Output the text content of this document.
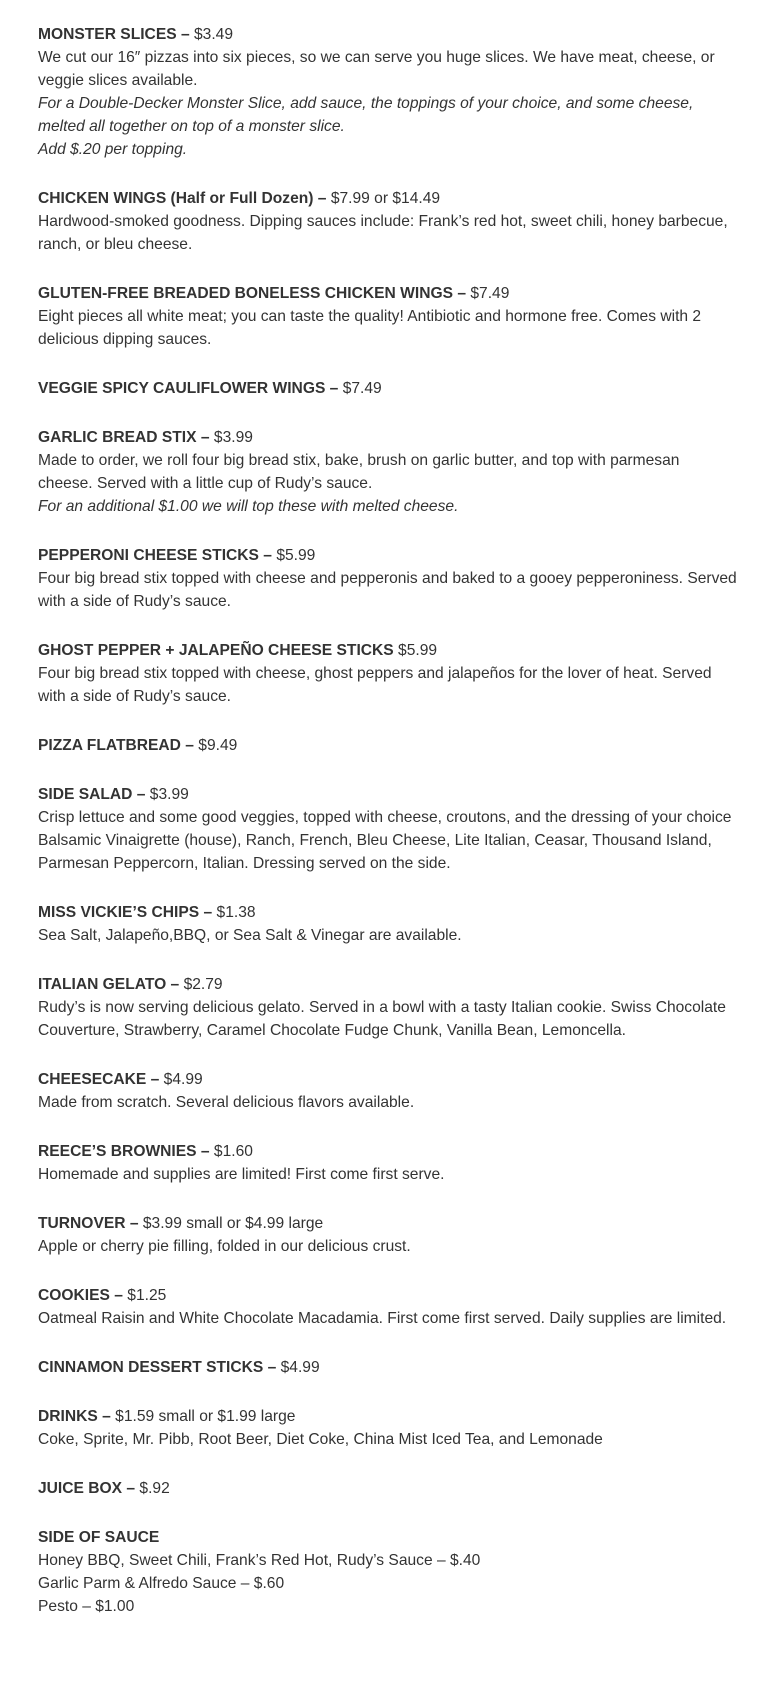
MONSTER SLICES – $3.49

We cut our 16″ pizzas into six pieces, so we can serve you huge slices. We have meat, cheese, or veggie slices available.

For a Double-Decker Monster Slice, add sauce, the toppings of your choice, and some cheese, melted all together on top of a monster slice.

Add $.20 per topping.

CHICKEN WINGS (Half or Full Dozen) – $7.99 or $14.49

Hardwood-smoked goodness. Dipping sauces include: Frank’s red hot, sweet chili, honey barbecue, ranch, or bleu cheese.

GLUTEN-FREE BREADED BONELESS CHICKEN WINGS – $7.49

Eight pieces all white meat; you can taste the quality! Antibiotic and hormone free. Comes with 2 delicious dipping sauces.

VEGGIE SPICY CAULIFLOWER WINGS – $7.49

GARLIC BREAD STIX – $3.99

Made to order, we roll four big bread stix, bake, brush on garlic butter, and top with parmesan cheese. Served with a little cup of Rudy’s sauce.

For an additional $1.00 we will top these with melted cheese.

PEPPERONI CHEESE STICKS – $5.99

Four big bread stix topped with cheese and pepperonis and baked to a gooey pepperoniness. Served with a side of Rudy’s sauce.

GHOST PEPPER + JALAPEÑO CHEESE STICKS $5.99

Four big bread stix topped with cheese, ghost peppers and jalapeños for the lover of heat. Served with a side of Rudy’s sauce.

PIZZA FLATBREAD – $9.49

SIDE SALAD – $3.99

Crisp lettuce and some good veggies, topped with cheese, croutons, and the dressing of your choice Balsamic Vinaigrette (house), Ranch, French, Bleu Cheese, Lite Italian, Ceasar, Thousand Island, Parmesan Peppercorn, Italian. Dressing served on the side.

MISS VICKIE’S CHIPS – $1.38

Sea Salt, Jalapeño,BBQ, or Sea Salt & Vinegar are available.

ITALIAN GELATO – $2.79

Rudy’s is now serving delicious gelato. Served in a bowl with a tasty Italian cookie. Swiss Chocolate Couverture, Strawberry, Caramel Chocolate Fudge Chunk, Vanilla Bean, Lemoncella.

CHEESECAKE – $4.99

Made from scratch. Several delicious flavors available.

REECE’S BROWNIES – $1.60

Homemade and supplies are limited! First come first serve.

TURNOVER – $3.99 small or $4.99 large

Apple or cherry pie filling, folded in our delicious crust.

COOKIES – $1.25

Oatmeal Raisin and White Chocolate Macadamia. First come first served. Daily supplies are limited.

CINNAMON DESSERT STICKS – $4.99

DRINKS – $1.59 small or $1.99 large

Coke, Sprite, Mr. Pibb, Root Beer, Diet Coke, China Mist Iced Tea, and Lemonade

JUICE BOX – $.92

SIDE OF SAUCE

Honey BBQ, Sweet Chili, Frank’s Red Hot, Rudy’s Sauce – $.40

Garlic Parm & Alfredo Sauce – $.60

Pesto – $1.00
